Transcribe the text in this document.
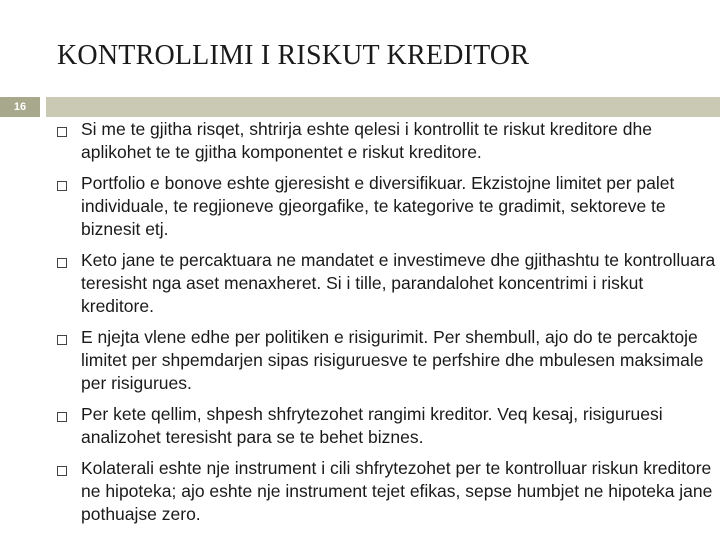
KONTROLLIMI I RISKUT KREDITOR
16
Si me te gjitha risqet, shtrirja eshte qelesi i kontrollit te riskut kreditore dhe aplikohet te te gjitha komponentet e riskut kreditore.
Portfolio e bonove eshte gjeresisht e diversifikuar. Ekzistojne limitet per palet individuale, te regjioneve gjeorgafike, te kategorive te gradimit, sektoreve te biznesit etj.
Keto jane te percaktuara ne mandatet e investimeve dhe gjithashtu te kontrolluara teresisht nga aset menaxheret. Si i tille, parandalohet koncentrimi i riskut kreditore.
E njejta vlene edhe per politiken e risigurimit. Per shembull, ajo do te percaktoje limitet per shpemdarjen sipas risiguruesve te perfshire dhe mbulesen maksimale per risigurues.
Per kete qellim, shpesh shfrytezohet rangimi kreditor. Veq kesaj, risiguruesi analizohet teresisht para se te behet biznes.
Kolaterali eshte nje instrument i cili shfrytezohet per te kontrolluar riskun kreditore ne hipoteka; ajo eshte nje instrument tejet efikas, sepse humbjet ne hipoteka jane pothuajse zero.
